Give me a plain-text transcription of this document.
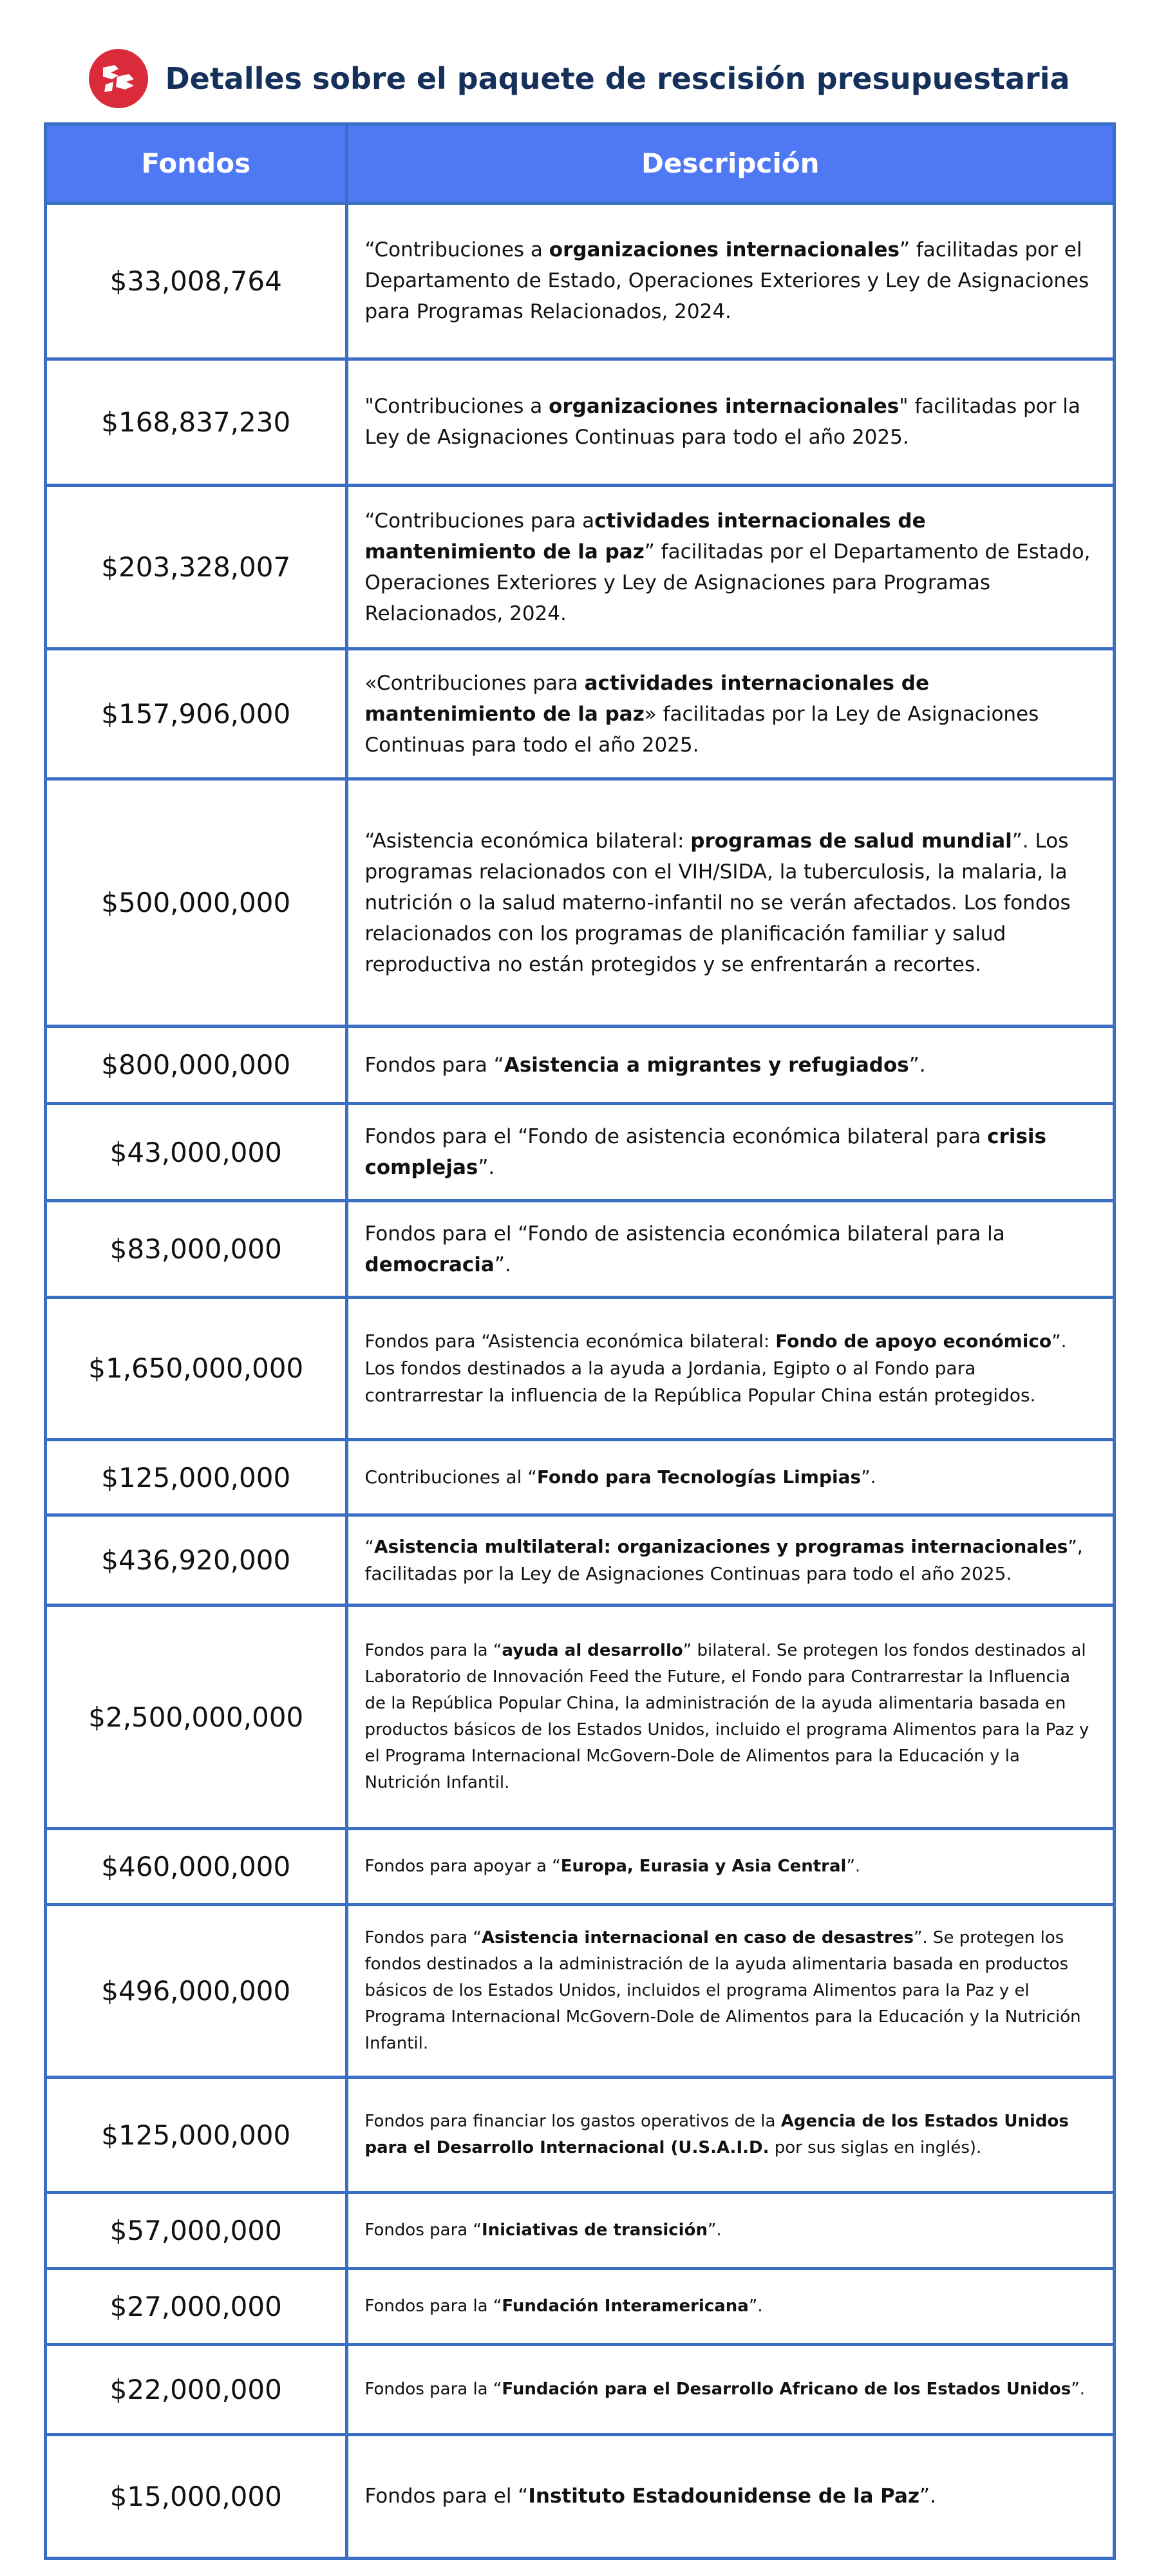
Detalles sobre el paquete de rescisión presupuestaria
Fondos	Descripción
$33,008,764	“Contribuciones a organizaciones internacionales” facilitadas por el Departamento de Estado, Operaciones Exteriores y Ley de Asignaciones para Programas Relacionados, 2024.
$168,837,230	"Contribuciones a organizaciones internacionales" facilitadas por la Ley de Asignaciones Continuas para todo el año 2025.
$203,328,007	“Contribuciones para actividades internacionales de mantenimiento de la paz” facilitadas por el Departamento de Estado, Operaciones Exteriores y Ley de Asignaciones para Programas Relacionados, 2024.
$157,906,000	«Contribuciones para actividades internacionales de mantenimiento de la paz» facilitadas por la Ley de Asignaciones Continuas para todo el año 2025.
$500,000,000	“Asistencia económica bilateral: programas de salud mundial”. Los programas relacionados con el VIH/SIDA, la tuberculosis, la malaria, la nutrición o la salud materno-infantil no se verán afectados. Los fondos relacionados con los programas de planificación familiar y salud reproductiva no están protegidos y se enfrentarán a recortes.
$800,000,000	Fondos para “Asistencia a migrantes y refugiados”.
$43,000,000	Fondos para el “Fondo de asistencia económica bilateral para crisis complejas”.
$83,000,000	Fondos para el “Fondo de asistencia económica bilateral para la democracia”.
$1,650,000,000	Fondos para “Asistencia económica bilateral: Fondo de apoyo económico”. Los fondos destinados a la ayuda a Jordania, Egipto o al Fondo para contrarrestar la influencia de la República Popular China están protegidos.
$125,000,000	Contribuciones al “Fondo para Tecnologías Limpias”.
$436,920,000	“Asistencia multilateral: organizaciones y programas internacionales”, facilitadas por la Ley de Asignaciones Continuas para todo el año 2025.
$2,500,000,000	Fondos para la “ayuda al desarrollo” bilateral. Se protegen los fondos destinados al Laboratorio de Innovación Feed the Future, el Fondo para Contrarrestar la Influencia de la República Popular China, la administración de la ayuda alimentaria basada en productos básicos de los Estados Unidos, incluido el programa Alimentos para la Paz y el Programa Internacional McGovern-Dole de Alimentos para la Educación y la Nutrición Infantil.
$460,000,000	Fondos para apoyar a “Europa, Eurasia y Asia Central”.
$496,000,000	Fondos para “Asistencia internacional en caso de desastres”. Se protegen los fondos destinados a la administración de la ayuda alimentaria basada en productos básicos de los Estados Unidos, incluidos el programa Alimentos para la Paz y el Programa Internacional McGovern-Dole de Alimentos para la Educación y la Nutrición Infantil.
$125,000,000	Fondos para financiar los gastos operativos de la Agencia de los Estados Unidos para el Desarrollo Internacional (U.S.A.I.D. por sus siglas en inglés).
$57,000,000	Fondos para “Iniciativas de transición”.
$27,000,000	Fondos para la “Fundación Interamericana”.
$22,000,000	Fondos para la “Fundación para el Desarrollo Africano de los Estados Unidos”.
$15,000,000	Fondos para el “Instituto Estadounidense de la Paz”.
